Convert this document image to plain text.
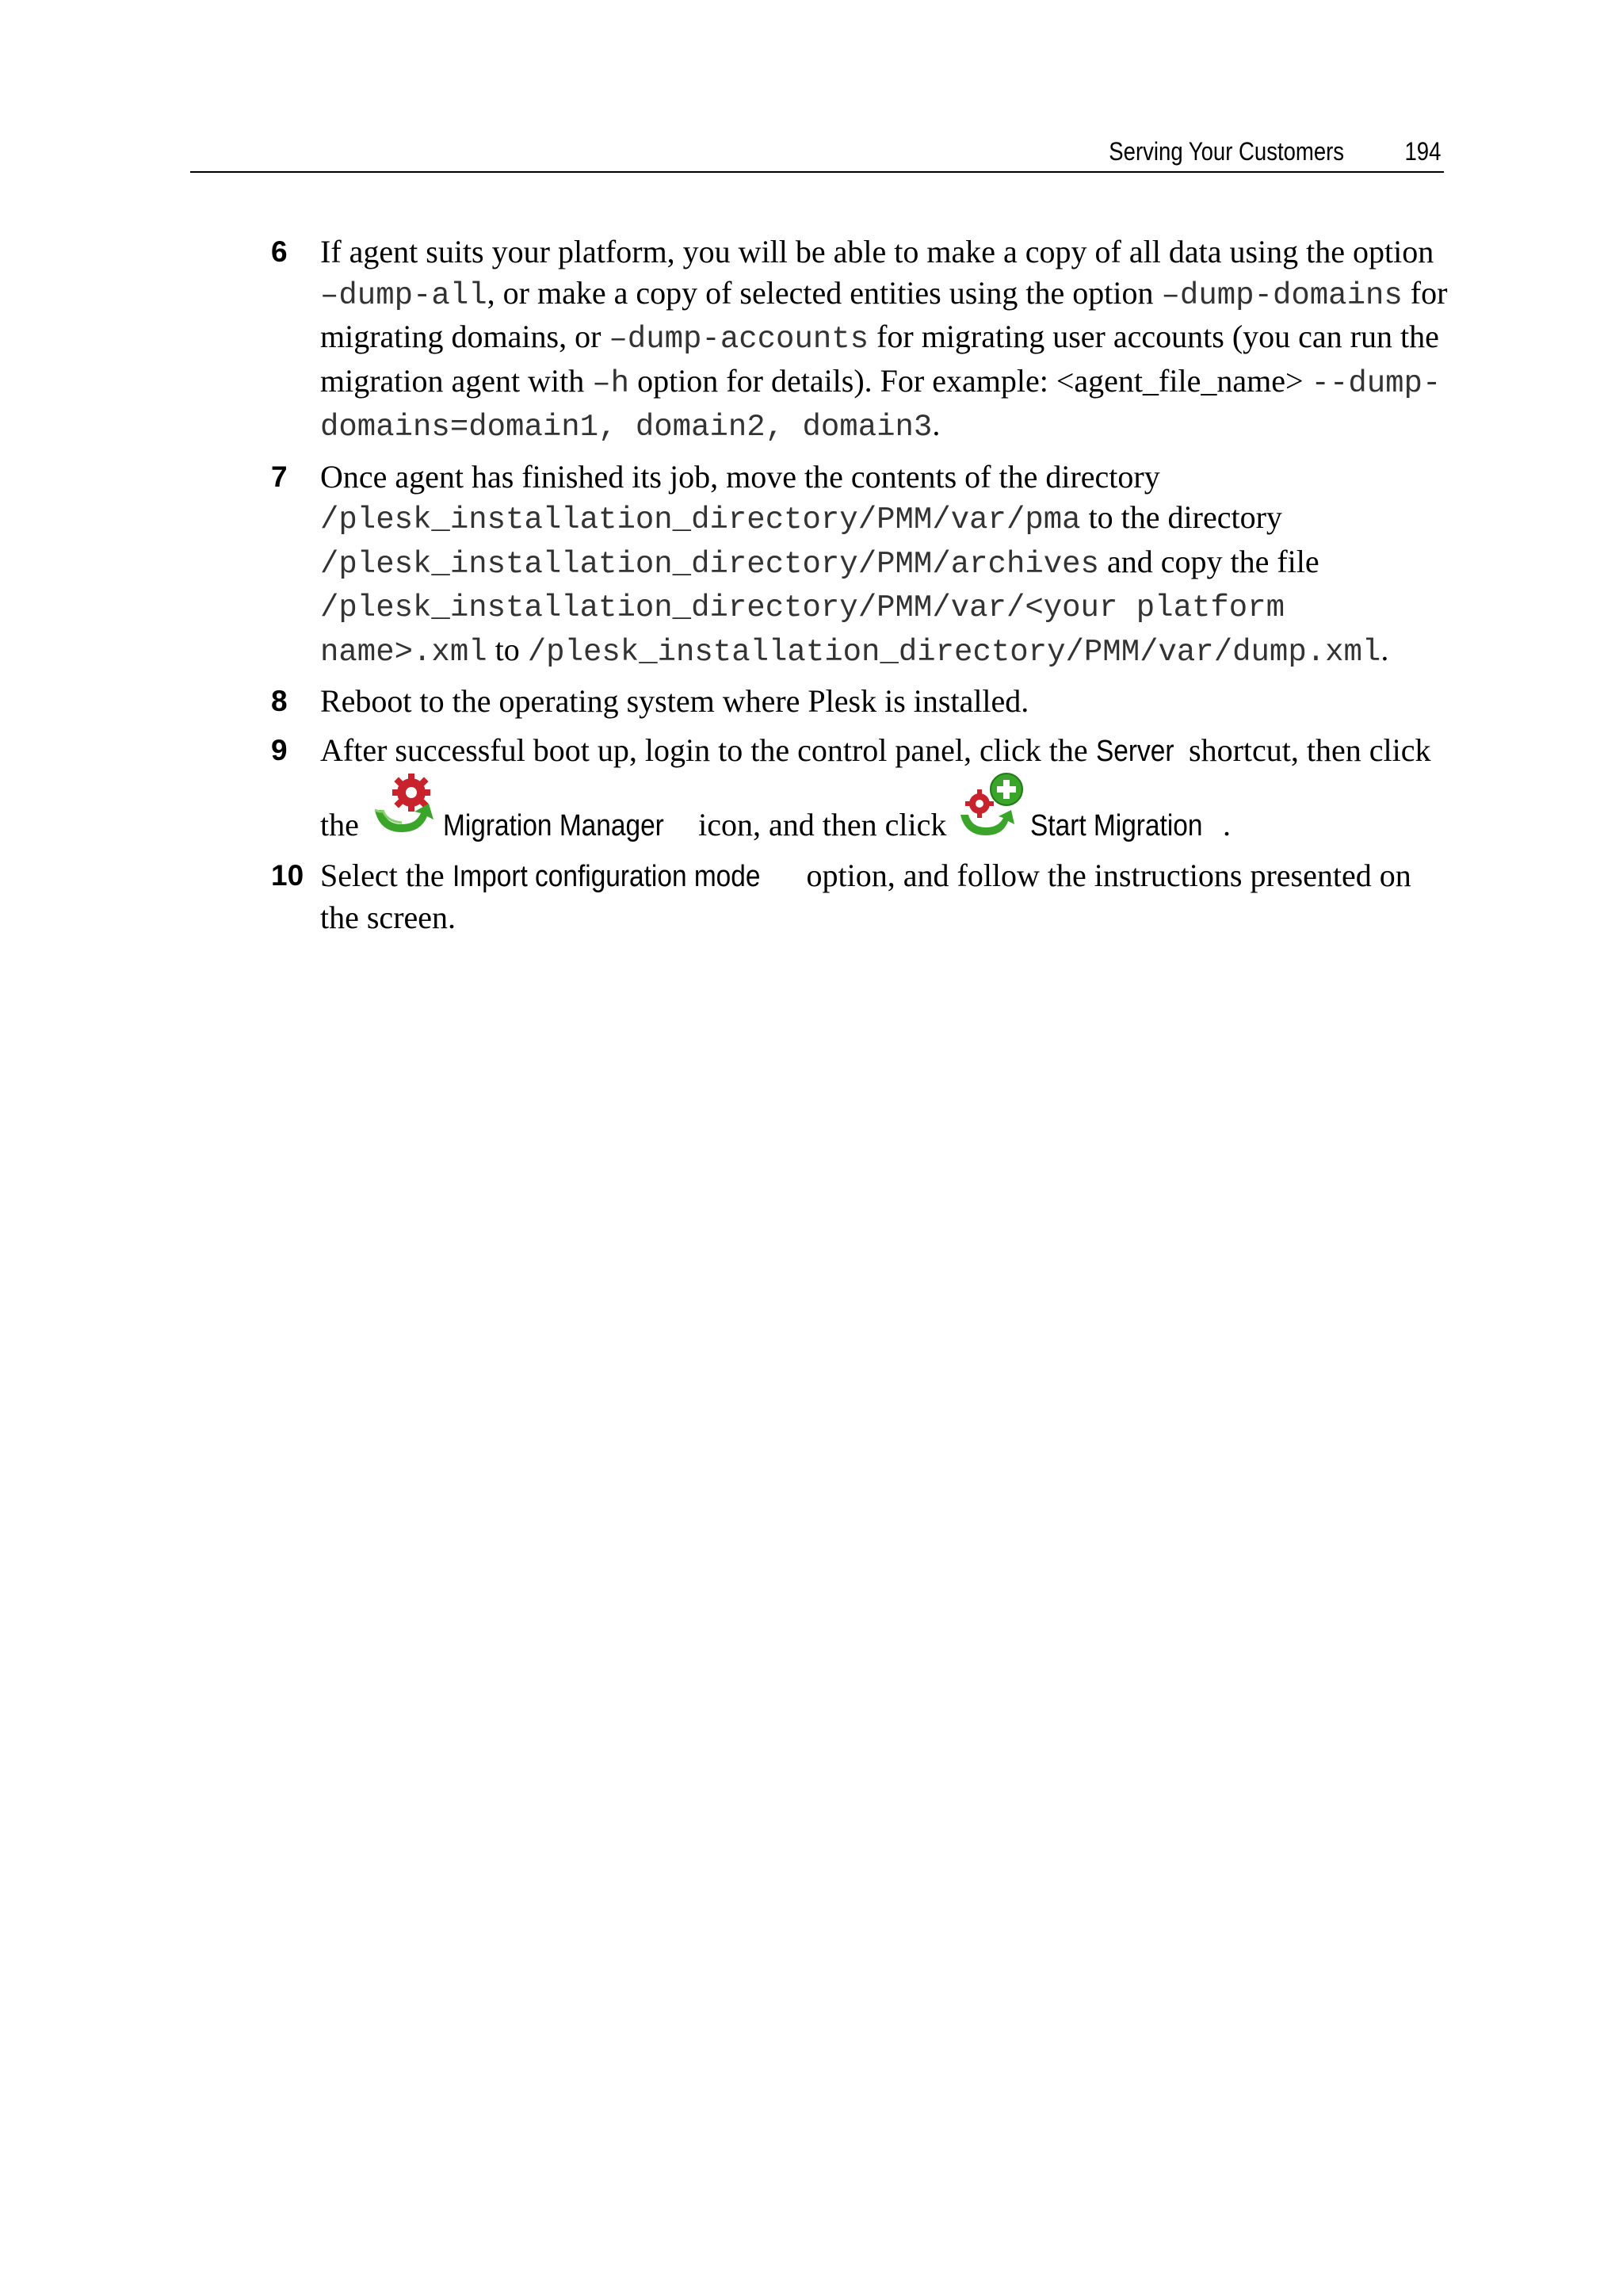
Serving Your Customers 194
6 If agent suits your platform, you will be able to make a copy of all data using the option –dump-all, or make a copy of selected entities using the option –dump-domains for migrating domains, or –dump-accounts for migrating user accounts (you can run the migration agent with –h option for details). For example: <agent_file_name> --dump-domains=domain1, domain2, domain3.
7 Once agent has finished its job, move the contents of the directory /plesk_installation_directory/PMM/var/pma to the directory /plesk_installation_directory/PMM/archives and copy the file /plesk_installation_directory/PMM/var/<your platform name>.xml to /plesk_installation_directory/PMM/var/dump.xml.
8 Reboot to the operating system where Plesk is installed.
9 After successful boot up, login to the control panel, click the Server shortcut, then click the	Migration Manager icon, and then click	Start Migration .
10 Select the Import configuration mode option, and follow the instructions presented on the screen.
